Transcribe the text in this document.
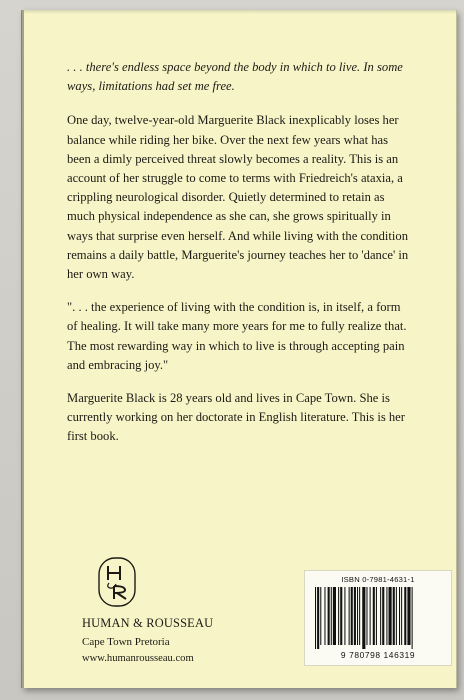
. . . there's endless space beyond the body in which to live. In some ways, limitations had set me free.

One day, twelve-year-old Marguerite Black inexplicably loses her balance while riding her bike. Over the next few years what has been a dimly perceived threat slowly becomes a reality. This is an account of her struggle to come to terms with Friedreich's ataxia, a crippling neurological disorder. Quietly determined to retain as much physical independence as she can, she grows spiritually in ways that surprise even herself. And while living with the condition remains a daily battle, Marguerite's journey teaches her to 'dance' in her own way.

". . . the experience of living with the condition is, in itself, a form of healing. It will take many more years for me to fully realize that. The most rewarding way in which to live is through accepting pain and embracing joy."

Marguerite Black is 28 years old and lives in Cape Town. She is currently working on her doctorate in English literature. This is her first book.

HUMAN & ROUSSEAU
Cape Town Pretoria
www.humanrousseau.com
ISBN 0-7981-4631-1
9 780798 146319
